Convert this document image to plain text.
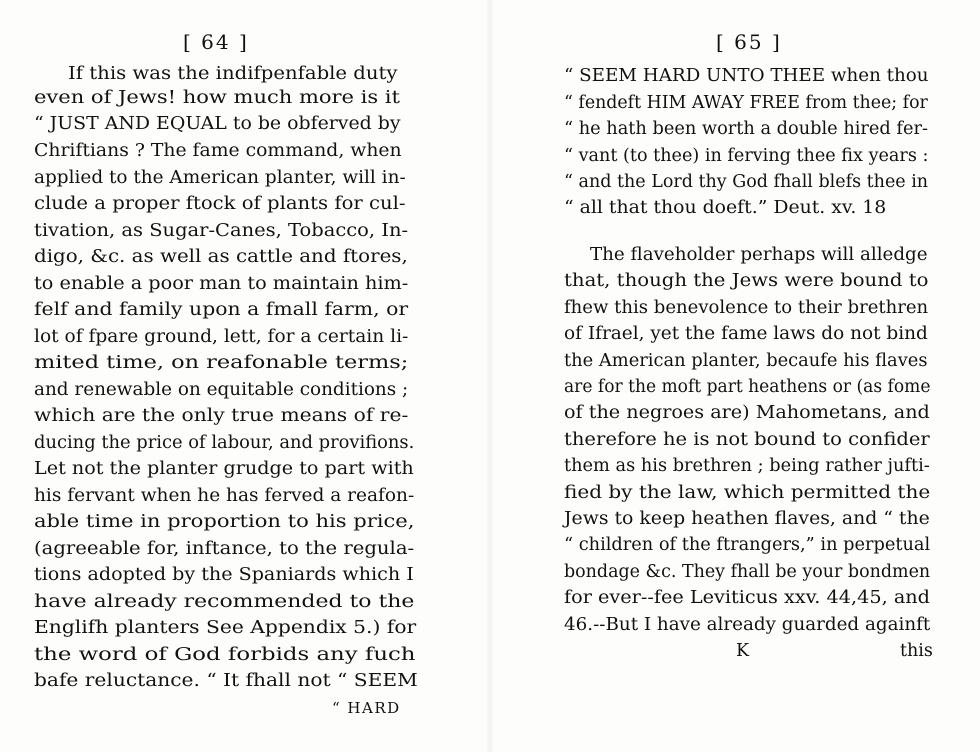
[ 64 ]
If this was the indifpenfable duty
even of Jews! how much more is it
“ JUST AND EQUAL to be obferved by
Chriftians ? The fame command, when
applied to the American planter, will in-
clude a proper ftock of plants for cul-
tivation, as Sugar-Canes, Tobacco, In-
digo, &c. as well as cattle and ftores,
to enable a poor man to maintain him-
felf and family upon a fmall farm, or
lot of fpare ground, lett, for a certain li-
mited time, on reafonable terms;
and renewable on equitable conditions ;
which are the only true means of re-
ducing the price of labour, and provifions.
Let not the planter grudge to part with
his fervant when he has ferved a reafon-
able time in proportion to his price,
(agreeable for, inftance, to the regula-
tions adopted by the Spaniards which I
have already recommended to the
Englifh planters See Appendix 5.) for
the word of God forbids any fuch
bafe reluctance. “ It fhall not “ SEEM
“ HARD
[ 65 ]
“ SEEM HARD UNTO THEE when thou
“ fendeft HIM AWAY FREE from thee; for
“ he hath been worth a double hired fer-
“ vant (to thee) in ferving thee fix years :
“ and the Lord thy God fhall blefs thee in
“ all that thou doeft.” Deut. xv. 18
The flaveholder perhaps will alledge
that, though the Jews were bound to
fhew this benevolence to their brethren
of Ifrael, yet the fame laws do not bind
the American planter, becaufe his flaves
are for the moft part heathens or (as fome
of the negroes are) Mahometans, and
therefore he is not bound to confider
them as his brethren ; being rather jufti-
fied by the law, which permitted the
Jews to keep heathen flaves, and “ the
“ children of the ftrangers,” in perpetual
bondage &c. They fhall be your bondmen
for ever--fee Leviticus xxv. 44,45, and
46.--But I have already guarded againft
K	this
